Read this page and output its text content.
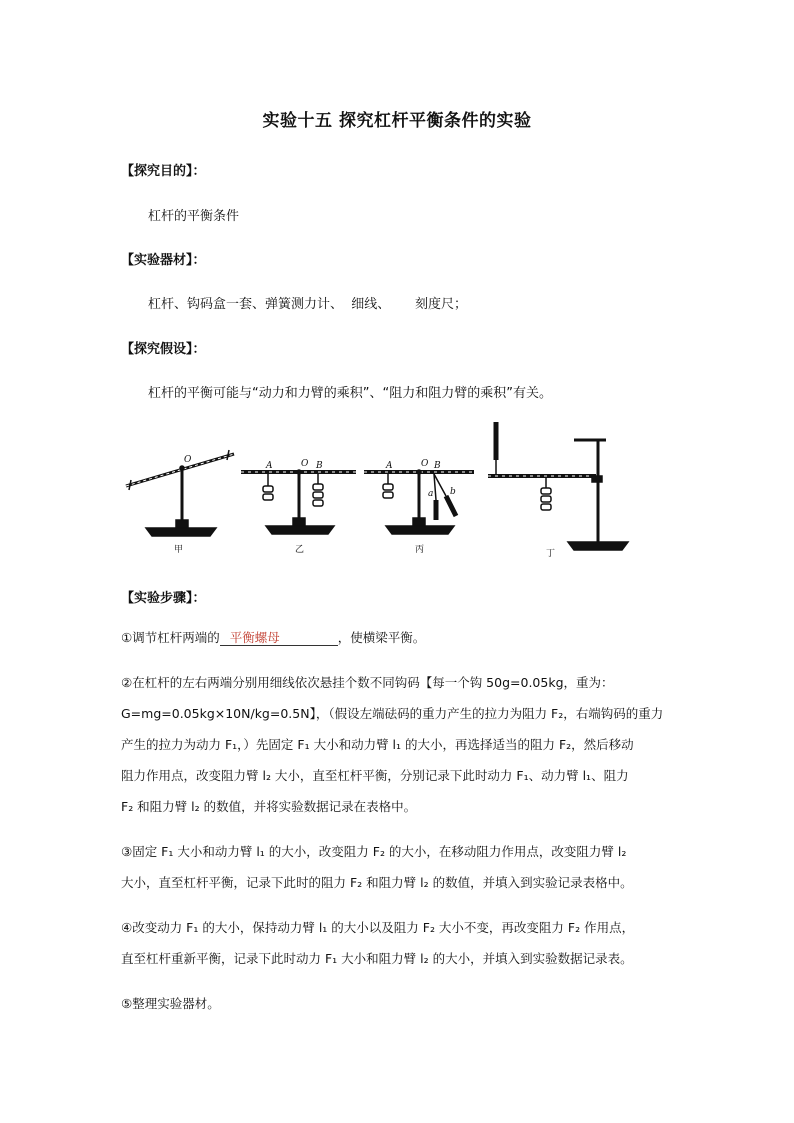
实验十五 探究杠杆平衡条件的实验
【探究目的】：
杠杆的平衡条件
【实验器材】：
杠杆、钩码盒一套、弹簧测力计、  细线、      刻度尺；
【探究假设】：
杠杆的平衡可能与“动力和力臂的乘积”、“阻力和阻力臂的乘积”有关。
O
A	O B	A	O B
a b
甲	乙	丙	丁
【实验步骤】：
①调节杠杆两端的 平衡螺母	，使横梁平衡。
②在杠杆的左右两端分别用细线依次悬挂个数不同钩码【每一个钩 50g=0.05kg，重为：
G=mg=0.05kg×10N/kg=0.5N】，（假设左端砝码的重力产生的拉力为阻力 F₂，右端钩码的重力
产生的拉力为动力 F₁，）先固定 F₁ 大小和动力臂 l₁ 的大小，再选择适当的阻力 F₂，然后移动
阻力作用点，改变阻力臂 l₂ 大小，直至杠杆平衡，分别记录下此时动力 F₁、动力臂 l₁、阻力
F₂ 和阻力臂 l₂ 的数值，并将实验数据记录在表格中。
③固定 F₁ 大小和动力臂 l₁ 的大小，改变阻力 F₂ 的大小，在移动阻力作用点，改变阻力臂 l₂
大小，直至杠杆平衡，记录下此时的阻力 F₂ 和阻力臂 l₂ 的数值，并填入到实验记录表格中。
④改变动力 F₁ 的大小，保持动力臂 l₁ 的大小以及阻力 F₂ 大小不变，再改变阻力 F₂ 作用点，
直至杠杆重新平衡，记录下此时动力 F₁ 大小和阻力臂 l₂ 的大小，并填入到实验数据记录表。
⑤整理实验器材。
